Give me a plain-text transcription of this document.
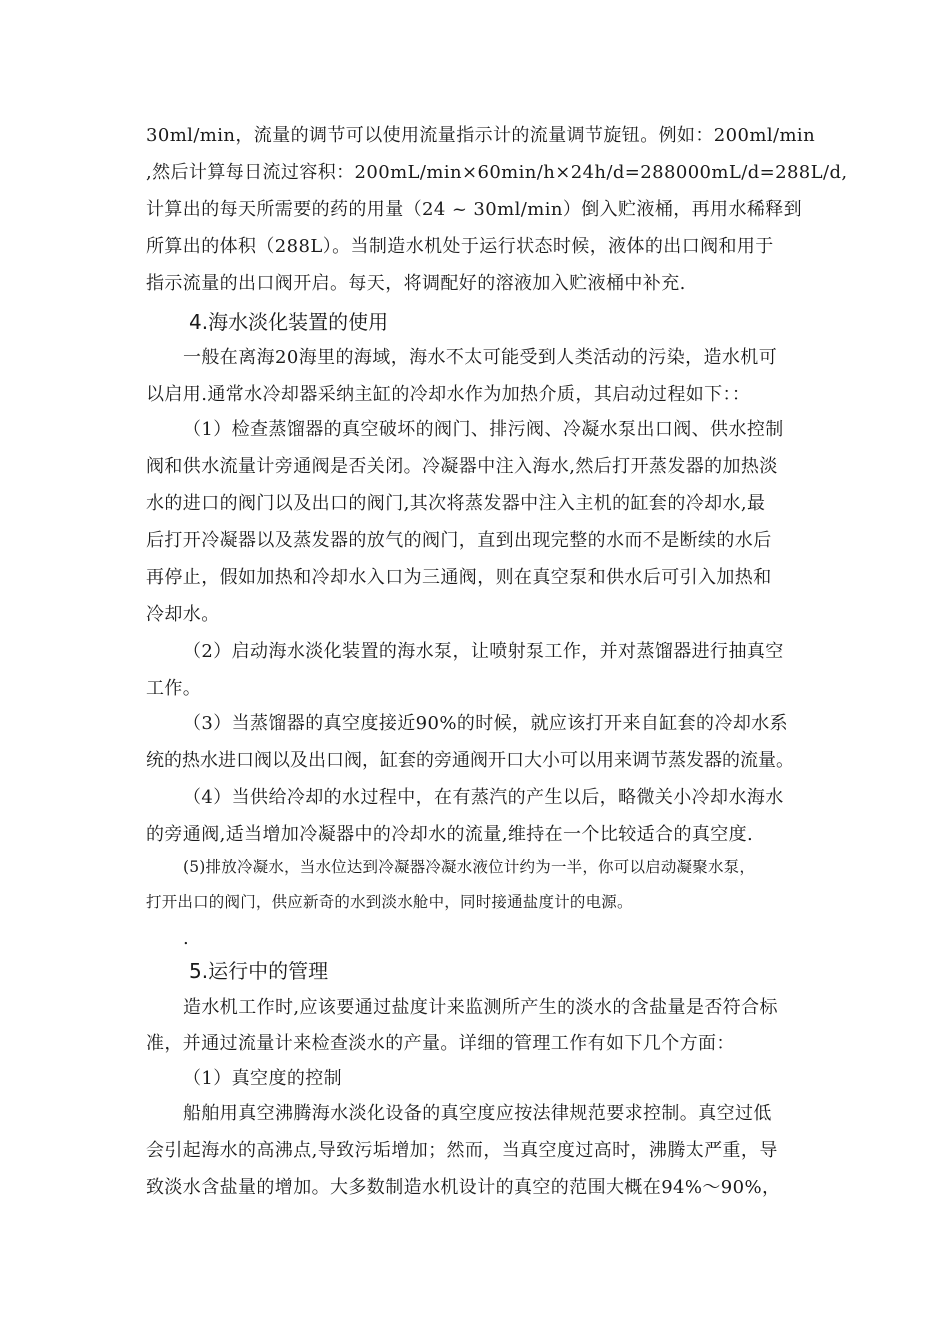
30ml/min，流量的调节可以使用流量指示计的流量调节旋钮。例如：200ml/min
,然后计算每日流过容积：200mL/min×60min/h×24h/d=288000mL/d=288L/d,
计算出的每天所需要的药的用量（24 ~ 30ml/min）倒入贮液桶，再用水稀释到
所算出的体积（288L）。当制造水机处于运行状态时候，液体的出口阀和用于
指示流量的出口阀开启。每天，将调配好的溶液加入贮液桶中补充.
4.海水淡化装置的使用
一般在离海20海里的海域，海水不太可能受到人类活动的污染，造水机可
以启用.通常水冷却器采纳主缸的冷却水作为加热介质，其启动过程如下：：
（1）检查蒸馏器的真空破坏的阀门、排污阀、冷凝水泵出口阀、供水控制
阀和供水流量计旁通阀是否关闭。冷凝器中注入海水,然后打开蒸发器的加热淡
水的进口的阀门以及出口的阀门,其次将蒸发器中注入主机的缸套的冷却水,最
后打开冷凝器以及蒸发器的放气的阀门，直到出现完整的水而不是断续的水后
再停止，假如加热和冷却水入口为三通阀，则在真空泵和供水后可引入加热和
冷却水。
（2）启动海水淡化装置的海水泵，让喷射泵工作，并对蒸馏器进行抽真空
工作。
（3）当蒸馏器的真空度接近90%的时候，就应该打开来自缸套的冷却水系
统的热水进口阀以及出口阀，缸套的旁通阀开口大小可以用来调节蒸发器的流量。
（4）当供给冷却的水过程中，在有蒸汽的产生以后，略微关小冷却水海水
的旁通阀,适当增加冷凝器中的冷却水的流量,维持在一个比较适合的真空度.
(5)排放冷凝水，当水位达到冷凝器冷凝水液位计约为一半，你可以启动凝聚水泵，
打开出口的阀门，供应新奇的水到淡水舱中，同时接通盐度计的电源。
.
5.运行中的管理
造水机工作时,应该要通过盐度计来监测所产生的淡水的含盐量是否符合标
准，并通过流量计来检查淡水的产量。详细的管理工作有如下几个方面：
（1）真空度的控制
船舶用真空沸腾海水淡化设备的真空度应按法律规范要求控制。真空过低
会引起海水的高沸点,导致污垢增加；然而，当真空度过高时，沸腾太严重，导
致淡水含盐量的增加。大多数制造水机设计的真空的范围大概在94%～90%，
